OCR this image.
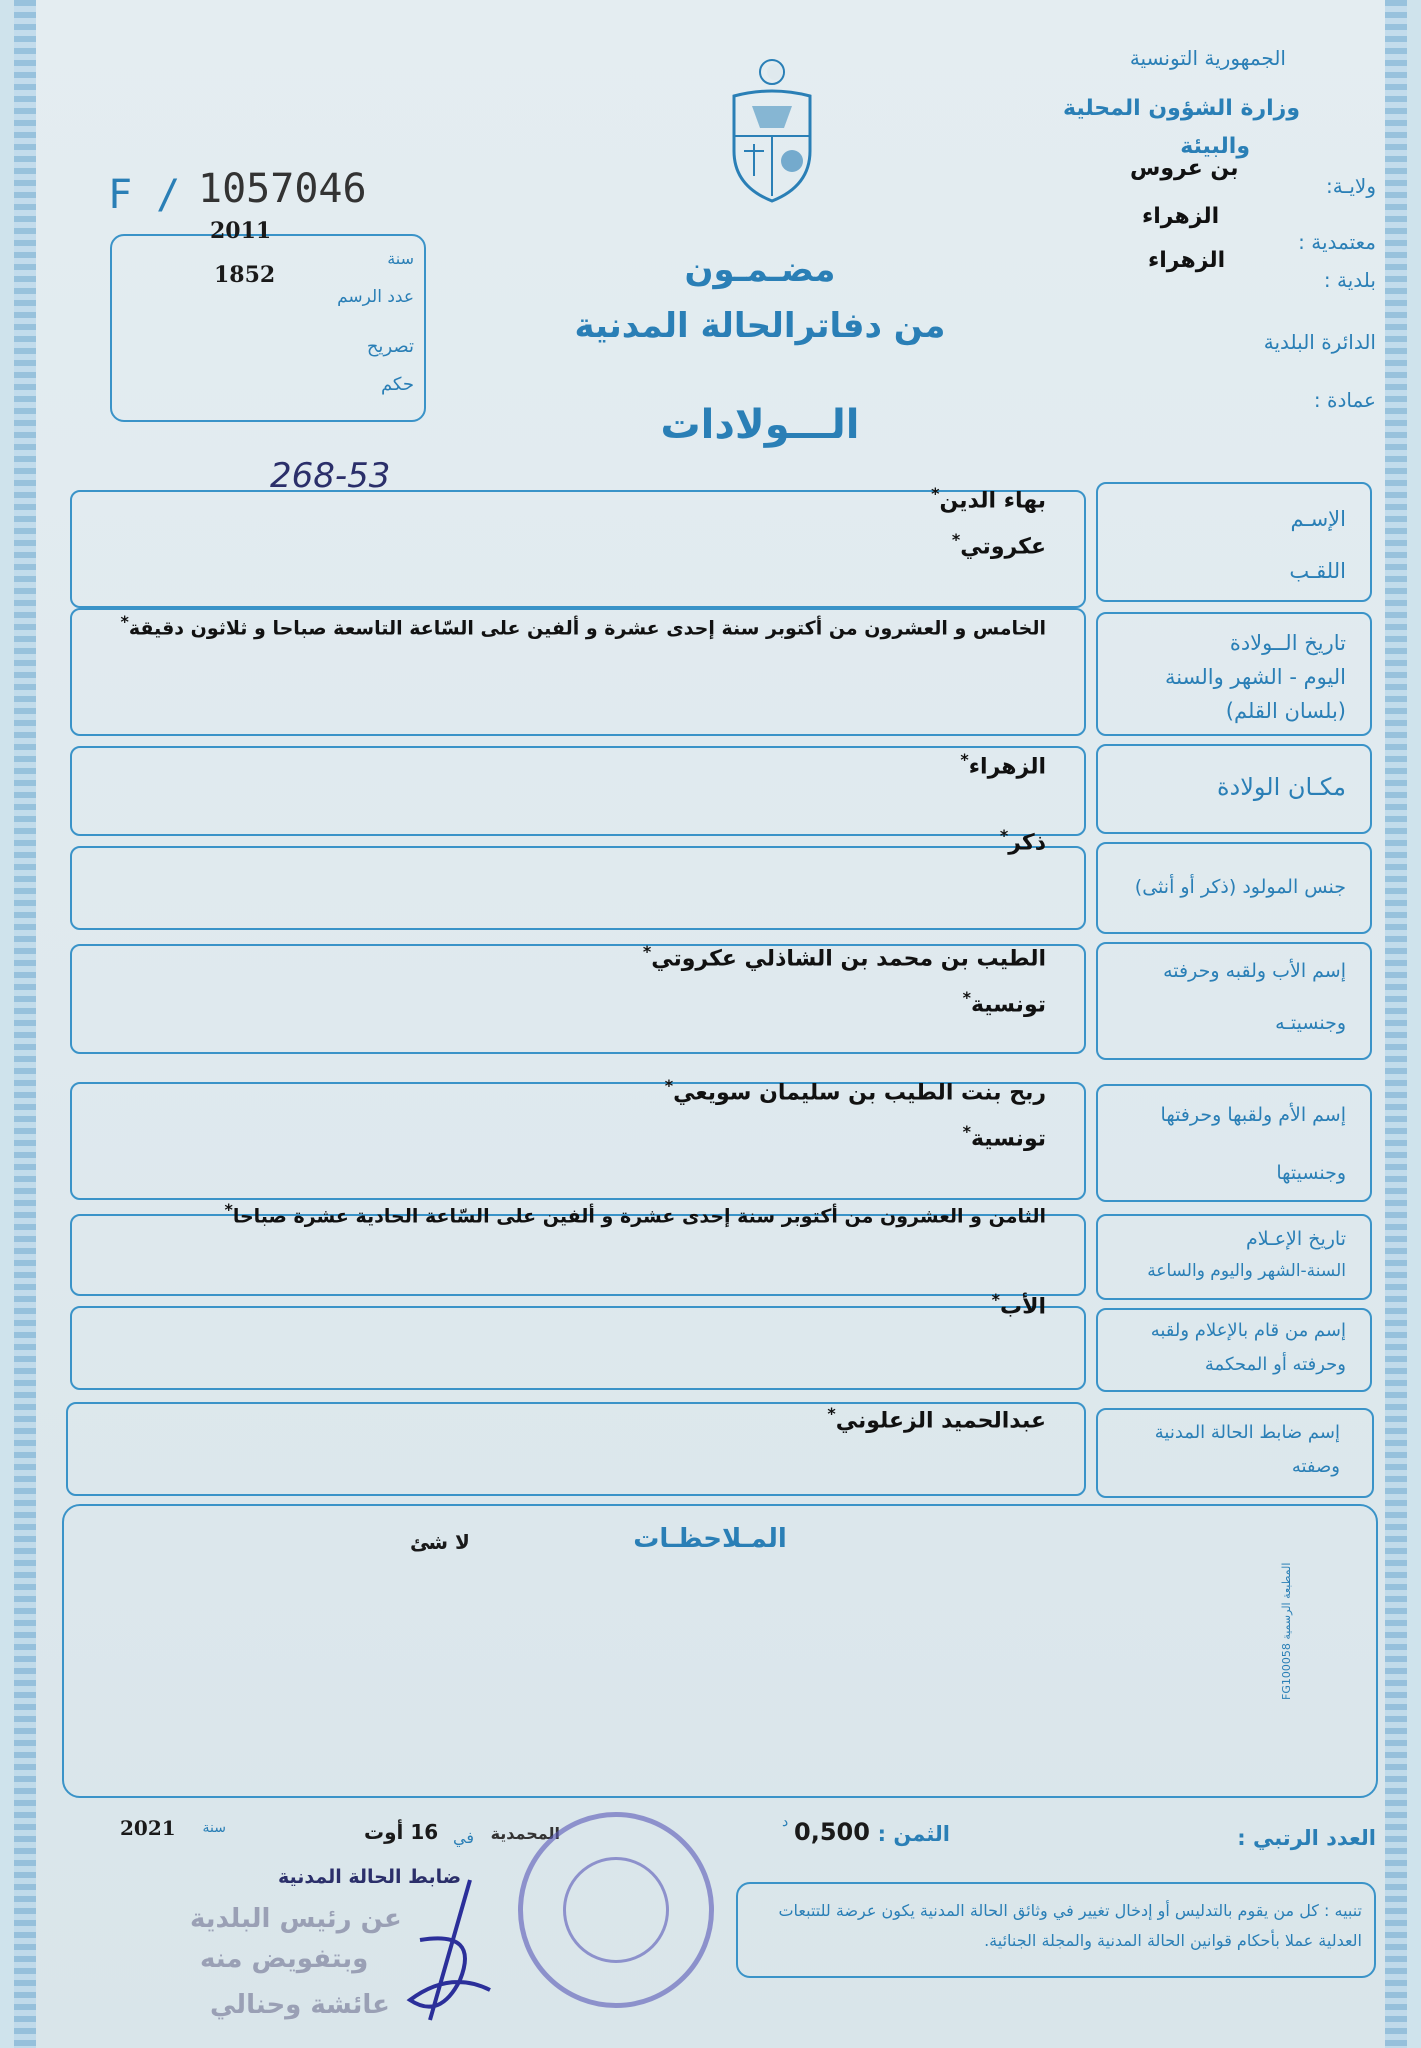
الجمهورية التونسية
وزارة الشؤون المحلية
والبيئة
ولايـة:
بن عروس
معتمدية :
الزهراء
بلدية :
الزهراء
الدائرة البلدية
عمادة :
F / 1057046
2011
1852
سنة
عدد الرسم
تصريح
حكم
مضـمـون
من دفاترالحالة المدنية
الـــولادات
268-53
الإسـم
اللقـب
بهاء الدين *
عكروتي *
تاريخ الــولادة
اليوم - الشهر والسنة
(بلسان القلم)
الخامس و العشرون من أكتوبر سنة إحدى عشرة و ألفين على السّاعة التاسعة صباحا و ثلاثون دقيقة *
مكـان الولادة
الزهراء *
جنس المولود (ذكر أو أنثى)
ذكر *
إسم الأب ولقبه وحرفته
وجنسيتـه
الطيب بن محمد بن الشاذلي عكروتي *
تونسية *
إسم الأم ولقبها وحرفتها
وجنسيتها
ربح بنت الطيب بن سليمان سويعي *
تونسية *
تاريخ الإعـلام
السنة-الشهر واليوم والساعة
الثامن و العشرون من أكتوبر سنة إحدى عشرة و ألفين على السّاعة الحادية عشرة صباحا *
إسم من قام بالإعلام ولقبه
وحرفته أو المحكمة
الأب *
إسم ضابط الحالة المدنية
وصفته
عبدالحميد الزعلوني *
المـلاحظـات
لا شئ
المطبعة الرسمية FG100058
العدد الرتبي :
الثمن :
0,500
د
المحمدية
في
16 أوت
سنة
2021
ضابط الحالة المدنية
عن رئيس البلدية
وبتفويض منه
عائشة وحنالي
تنبيه : كل من يقوم بالتدليس أو إدخال تغيير في وثائق الحالة المدنية يكون عرضة للتتبعات العدلية عملا بأحكام قوانين الحالة المدنية والمجلة الجنائية.
